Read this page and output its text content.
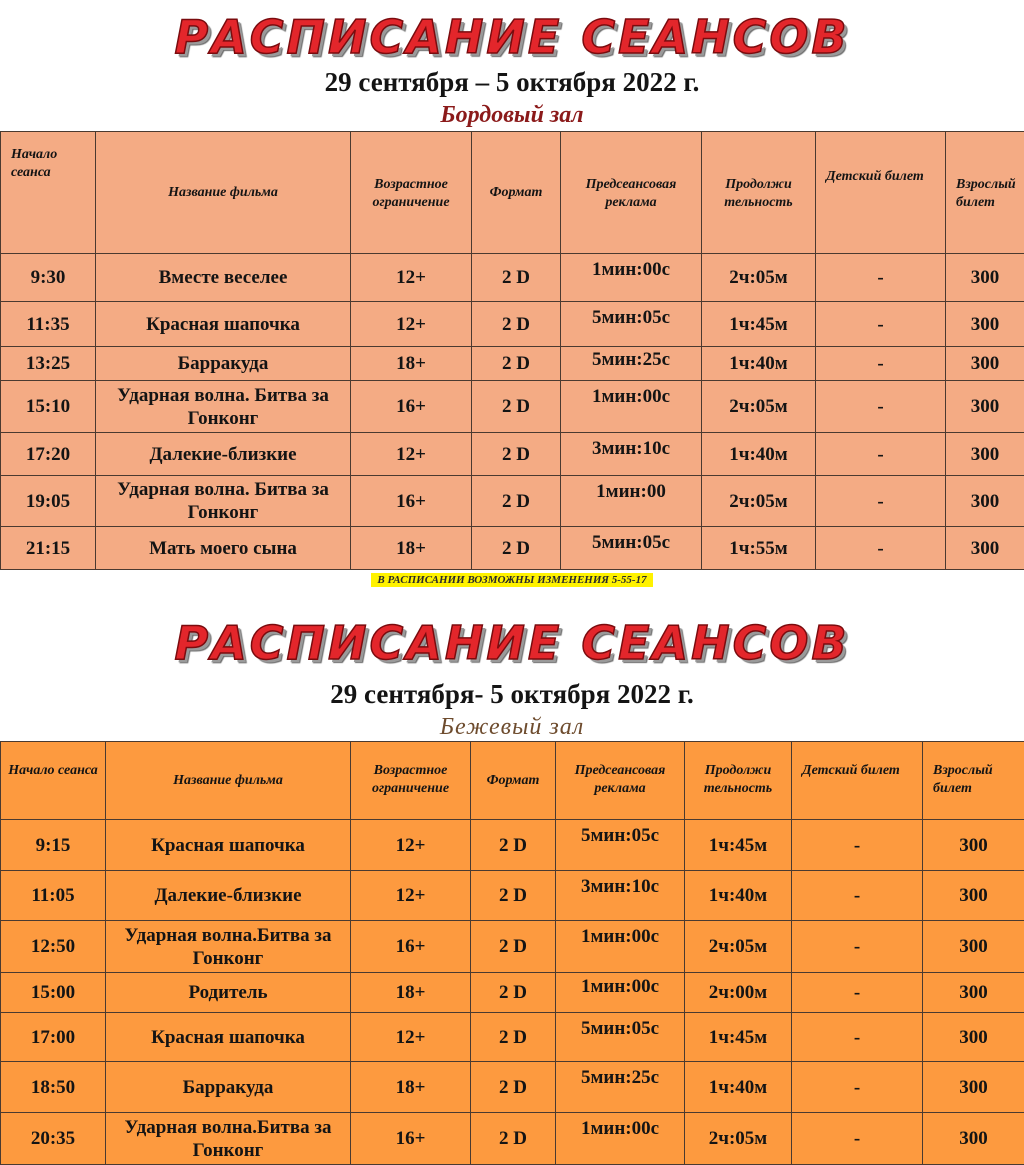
РАСПИСАНИЕ СЕАНСОВ
29 сентября – 5 октября 2022 г.
Бордовый зал
Начало сеанса	Название фильма	Возрастное ограничение	Формат	Предсеансовая реклама	Продолжи тельность	Детский билет	Взрослый билет
9:30	Вместе веселее	12+	2 D	1мин:00с	2ч:05м	-	300
11:35	Красная шапочка	12+	2 D	5мин:05с	1ч:45м	-	300
13:25	Барракуда	18+	2 D	5мин:25с	1ч:40м	-	300
15:10	Ударная волна. Битва за Гонконг	16+	2 D	1мин:00с	2ч:05м	-	300
17:20	Далекие-близкие	12+	2 D	3мин:10с	1ч:40м	-	300
19:05	Ударная волна. Битва за Гонконг	16+	2 D	1мин:00	2ч:05м	-	300
21:15	Мать моего сына	18+	2 D	5мин:05с	1ч:55м	-	300
В РАСПИСАНИИ ВОЗМОЖНЫ ИЗМЕНЕНИЯ 5-55-17
РАСПИСАНИЕ СЕАНСОВ
29 сентября- 5 октября 2022 г.
Бежевый зал
Начало сеанса	Название фильма	Возрастное ограничение	Формат	Предсеансовая реклама	Продолжи тельность	Детский билет	Взрослый билет
9:15	Красная шапочка	12+	2 D	5мин:05с	1ч:45м	-	300
11:05	Далекие-близкие	12+	2 D	3мин:10с	1ч:40м	-	300
12:50	Ударная волна.Битва за Гонконг	16+	2 D	1мин:00с	2ч:05м	-	300
15:00	Родитель	18+	2 D	1мин:00с	2ч:00м	-	300
17:00	Красная шапочка	12+	2 D	5мин:05с	1ч:45м	-	300
18:50	Барракуда	18+	2 D	5мин:25с	1ч:40м	-	300
20:35	Ударная волна.Битва за Гонконг	16+	2 D	1мин:00с	2ч:05м	-	300
